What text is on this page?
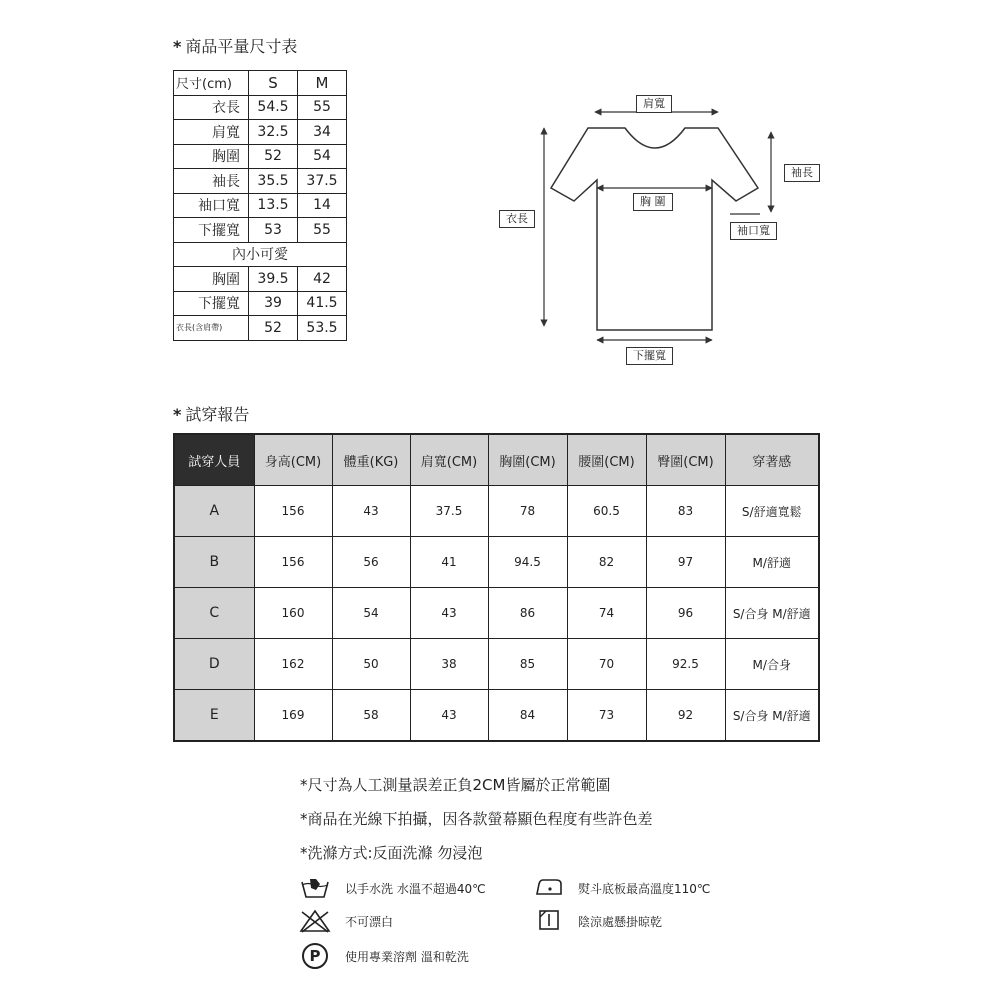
* 商品平量尺寸表
尺寸(cm)	S	M
衣長	54.5	55
肩寬	32.5	34
胸圍	52	54
袖長	35.5	37.5
袖口寬	13.5	14
下擺寬	53	55
內小可愛		
胸圍	39.5	42
下擺寬	39	41.5
衣長(含肩帶)	52	53.5
肩寬
袖長
胸 圍
衣長
袖口寬
下擺寬
* 試穿報告
試穿人員	身高(CM)	體重(KG)	肩寬(CM)	胸圍(CM)	腰圍(CM)	臀圍(CM)	穿著感
A	156	43	37.5	78	60.5	83	S/舒適寬鬆
B	156	56	41	94.5	82	97	M/舒適
C	160	54	43	86	74	96	S/合身 M/舒適
D	162	50	38	85	70	92.5	M/合身
E	169	58	43	84	73	92	S/合身 M/舒適
*尺寸為人工測量誤差正負2CM皆屬於正常範圍
*商品在光線下拍攝，因各款螢幕顯色程度有些許色差
*洗滌方式:反面洗滌 勿浸泡
以手水洗 水溫不超過40℃	熨斗底板最高溫度110℃
不可漂白	陰涼處懸掛晾乾
P	使用專業溶劑 溫和乾洗
